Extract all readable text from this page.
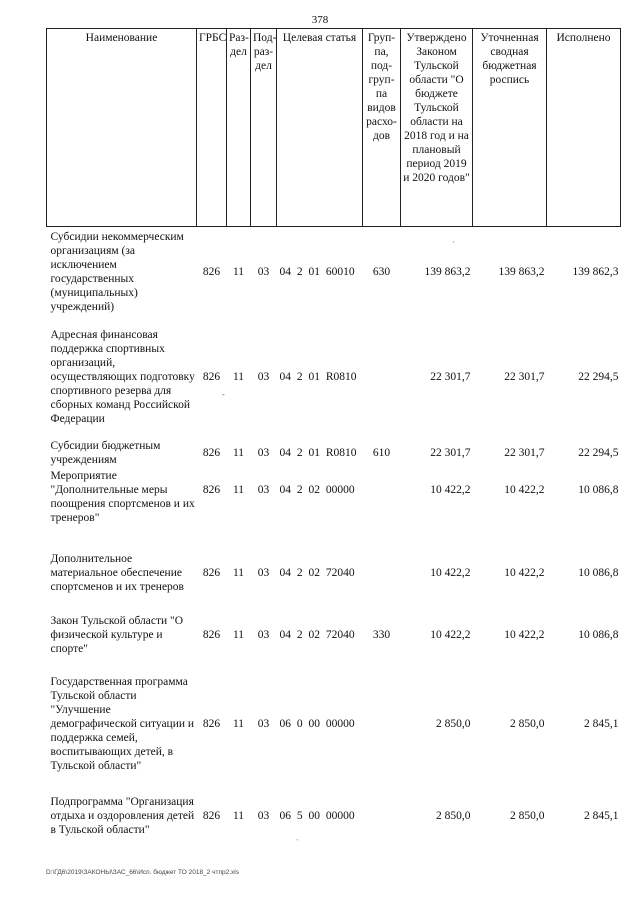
378
Наименование	ГРБС	Раз-дел	Под-раз-дел	Целевая статья	Груп-па, под-груп-па видов расхо-дов	Утверждено Законом Тульской области "О бюджете Тульской области на 2018 год и на плановый период 2019 и 2020 годов"	Уточненная сводная бюджетная роспись	Исполнено
Субсидии некоммерческим организациям (за исключением государственных (муниципальных) учреждений)	826	11	03	04 2 01 60010	630	139 863,2	139 863,2	139 862,3
Адресная финансовая поддержка спортивных организаций, осуществляющих подготовку спортивного резерва для сборных команд Российской Федерации	826	11	03	04 2 01 R0810		22 301,7	22 301,7	22 294,5
Субсидии бюджетным учреждениям	826	11	03	04 2 01 R0810	610	22 301,7	22 301,7	22 294,5
Мероприятие "Дополнительные меры поощрения спортсменов и их тренеров"	826	11	03	04 2 02 00000		10 422,2	10 422,2	10 086,8
Дополнительное материальное обеспечение спортсменов и их тренеров	826	11	03	04 2 02 72040		10 422,2	10 422,2	10 086,8
Закон Тульской области "О физической культуре и спорте"	826	11	03	04 2 02 72040	330	10 422,2	10 422,2	10 086,8
Государственная программа Тульской области "Улучшение демографической ситуации и поддержка семей, воспитывающих детей, в Тульской области"	826	11	03	06 0 00 00000		2 850,0	2 850,0	2 845,1
Подпрограмма "Организация отдыха и оздоровления детей в Тульской области"	826	11	03	06 5 00 00000		2 850,0	2 850,0	2 845,1
·
-
ˋ
D:\ГД6\2019\ЗАКОНЫ\ЗАС_66\Исп. бюджет ТО 2018_2 чтпр2.xls
